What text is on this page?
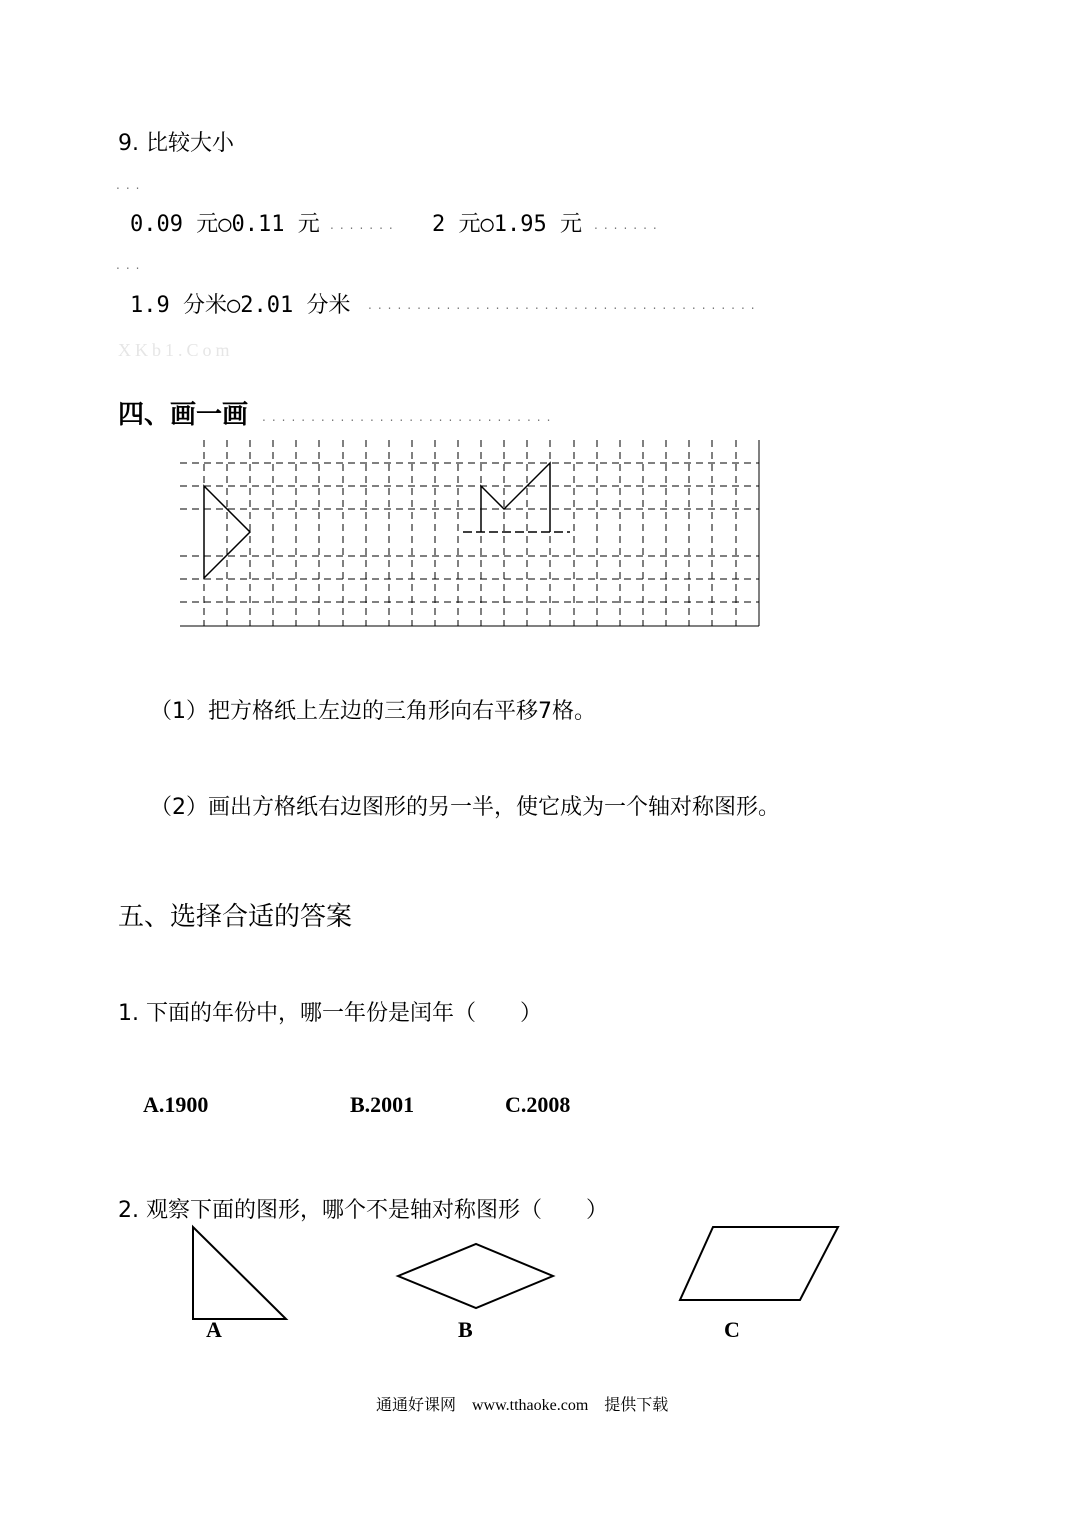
9. 比较大小
...
0.09 元○0.11 元 ....... 2 元○1.95 元 .......
...
1.9 分米○2.01 分米 ........................................
XKb1.Com
四、画一画 ..............................
（1）把方格纸上左边的三角形向右平移7格。
（2）画出方格纸右边图形的另一半，使它成为一个轴对称图形。
五、选择合适的答案
1. 下面的年份中，哪一年份是闰年（　　）
A.1900	B.2001	C.2008
2. 观察下面的图形，哪个不是轴对称图形（　　）
A	B	C
通通好课网　www.tthaoke.com　提供下载
